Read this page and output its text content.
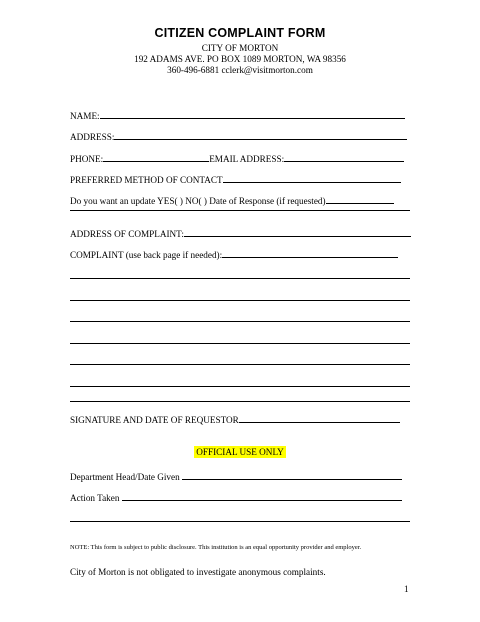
CITIZEN COMPLAINT FORM
CITY OF MORTON
192 ADAMS AVE. PO BOX 1089 MORTON, WA 98356
360-496-6881 cclerk@visitmorton.com
NAME:
ADDRESS:
PHONE:	EMAIL ADDRESS:
PREFERRED METHOD OF CONTACT
Do you want an update YES( ) NO( ) Date of Response (if requested)
ADDRESS OF COMPLAINT:
COMPLAINT (use back page if needed):
SIGNATURE AND DATE OF REQUESTOR
OFFICIAL USE ONLY
Department Head/Date Given
Action Taken
NOTE: This form is subject to public disclosure. This institution is an equal opportunity provider and employer.
City of Morton is not obligated to investigate anonymous complaints.
1
